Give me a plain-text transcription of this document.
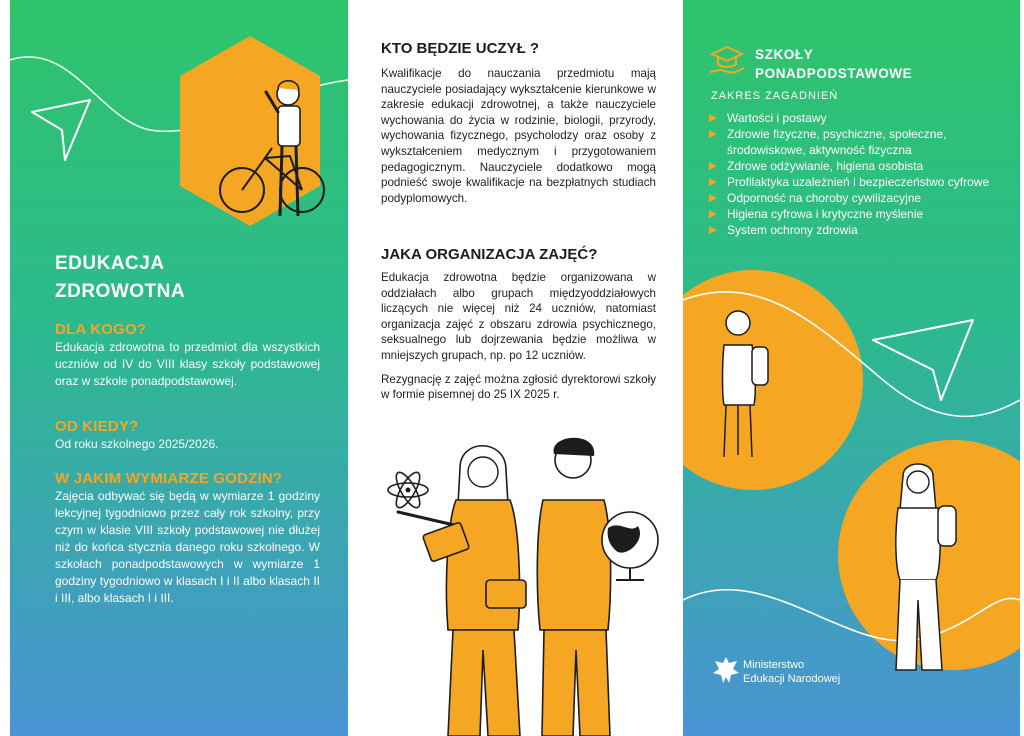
EDUKACJA
ZDROWOTNA
DLA KOGO?
Edukacja zdrowotna to przedmiot dla wszystkich uczniów od IV do VIII klasy szkoły podstawowej oraz w szkole ponadpodstawowej.
OD KIEDY?
Od roku szkolnego 2025/2026.
W JAKIM WYMIARZE GODZIN?
Zajęcia odbywać się będą w wymiarze 1 godziny lekcyjnej tygodniowo przez cały rok szkolny, przy czym w klasie VIII szkoły podstawowej nie dłużej niż do końca stycznia danego roku szkolnego. W szkołach ponadpodstawowych w wymiarze 1 godziny tygodniowo w klasach I i II albo klasach II i III, albo klasach I i III.
KTO BĘDZIE UCZYŁ ?
Kwalifikacje do nauczania przedmiotu mają nauczyciele posiadający wykształcenie kierunkowe w zakresie edukacji zdrowotnej, a także nauczyciele wychowania do życia w rodzinie, biologii, przyrody, wychowania fizycznego, psycholodzy oraz osoby z wykształceniem medycznym i przygotowaniem pedagogicznym. Nauczyciele dodatkowo mogą podnieść swoje kwalifikacje na bezpłatnych studiach podyplomowych.
JAKA ORGANIZACJA ZAJĘĆ?

Edukacja zdrowotna będzie organizowana w oddziałach albo grupach międzyoddziałowych liczących nie więcej niż 24 uczniów, natomiast organizacja zajęć z obszaru zdrowia psychicznego, seksualnego lub dojrzewania będzie możliwa w mniejszych grupach, np. po 12 uczniów.

Rezygnację z zajęć można zgłosić dyrektorowi szkoły w formie pisemnej do 25 IX 2025 r.

SZKOŁY
PONADPODSTAWOWE
ZAKRES ZAGADNIEŃ
Wartości i postawy
Zdrowie fizyczne, psychiczne, społeczne, środowiskowe, aktywność fizyczna
Zdrowe odżywianie, higiena osobista
Profilaktyka uzależnień i bezpieczeństwo cyfrowe
Odporność na choroby cywilizacyjne
Higiena cyfrowa i krytyczne myślenie
System ochrony zdrowia
Ministerstwo
Edukacji Narodowej
